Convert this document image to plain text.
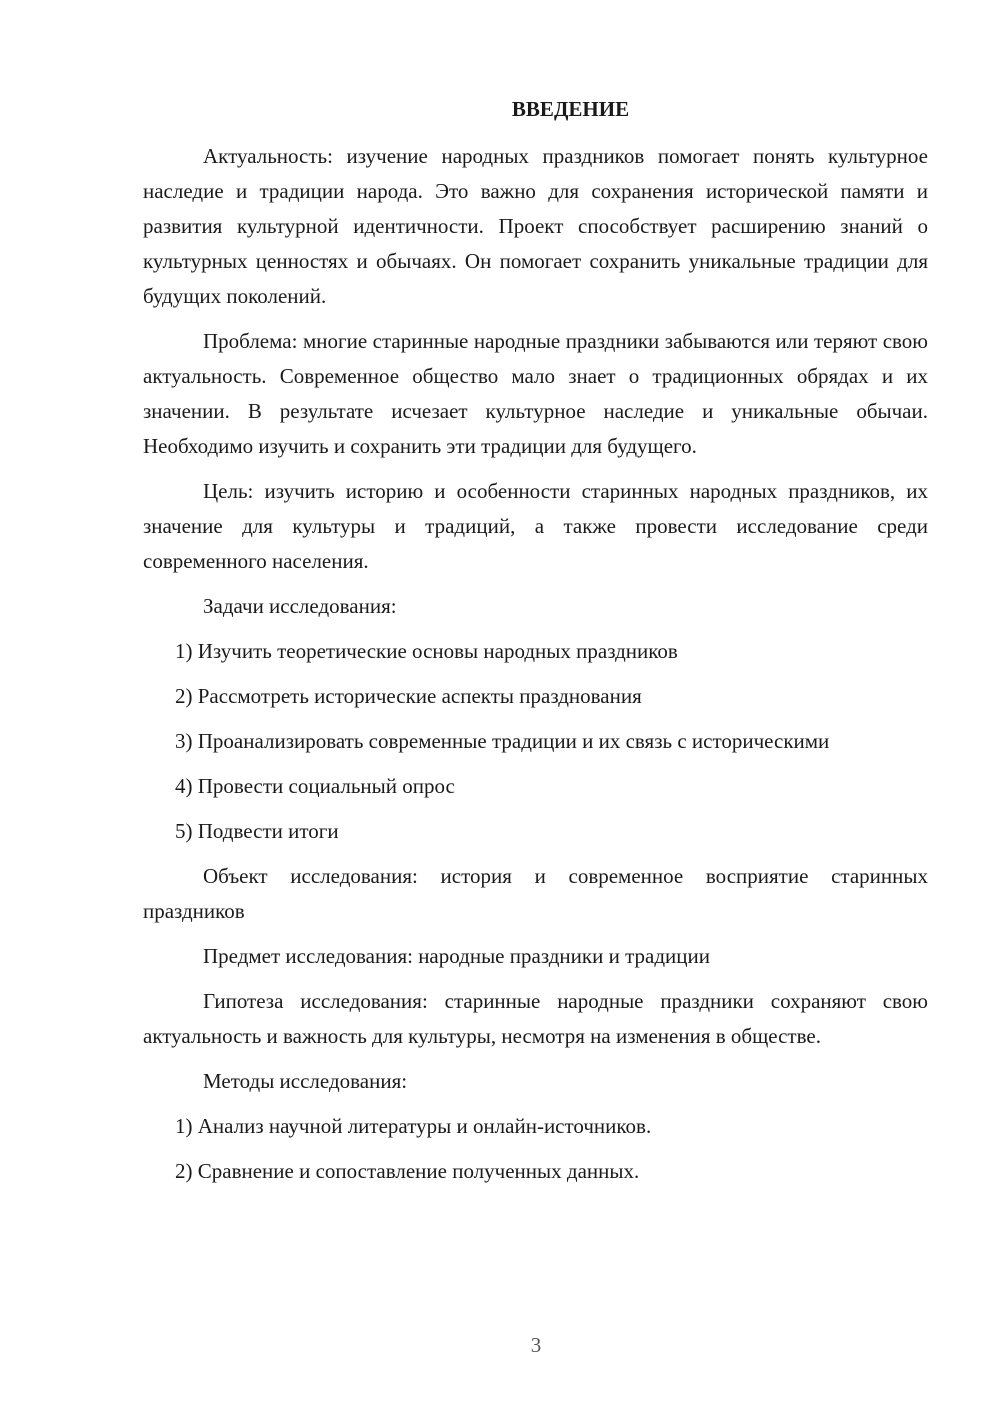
ВВЕДЕНИЕ
Актуальность: изучение народных праздников помогает понять культурное наследие и традиции народа. Это важно для сохранения исторической памяти и развития культурной идентичности. Проект способствует расширению знаний о культурных ценностях и обычаях. Он помогает сохранить уникальные традиции для будущих поколений.
Проблема: многие старинные народные праздники забываются или теряют свою актуальность. Современное общество мало знает о традиционных обрядах и их значении. В результате исчезает культурное наследие и уникальные обычаи. Необходимо изучить и сохранить эти традиции для будущего.
Цель: изучить историю и особенности старинных народных праздников, их значение для культуры и традиций, а также провести исследование среди современного населения.
Задачи исследования:
1) Изучить теоретические основы народных праздников
2) Рассмотреть исторические аспекты празднования
3) Проанализировать современные традиции и их связь с историческими
4) Провести социальный опрос
5) Подвести итоги
Объект исследования: история и современное восприятие старинных праздников
Предмет исследования: народные праздники и традиции
Гипотеза исследования: старинные народные праздники сохраняют свою актуальность и важность для культуры, несмотря на изменения в обществе.
Методы исследования:
1) Анализ научной литературы и онлайн-источников.
2) Сравнение и сопоставление полученных данных.
3
